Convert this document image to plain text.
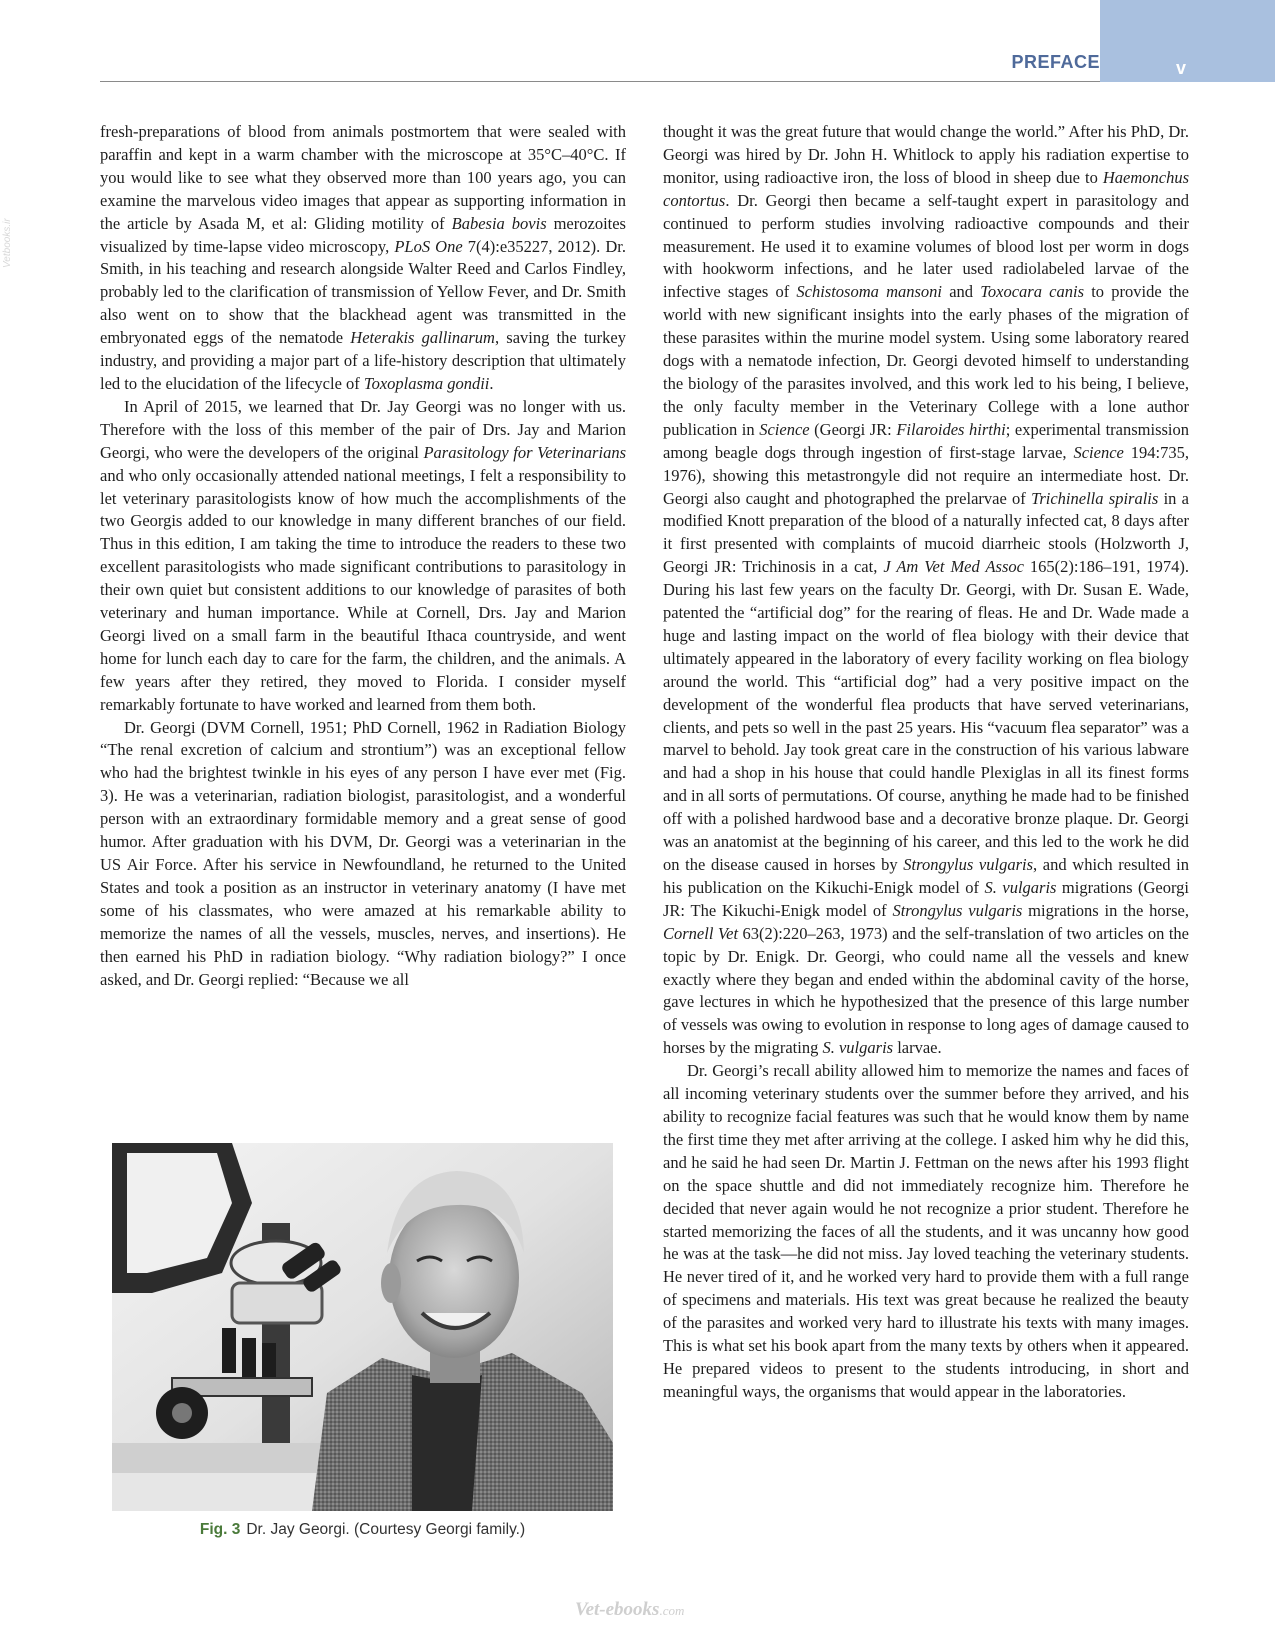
PREFACE	v
Vetbooks.ir

fresh-preparations of blood from animals postmortem that were sealed with paraffin and kept in a warm chamber with the microscope at 35°C–40°C. If you would like to see what they observed more than 100 years ago, you can examine the marvelous video images that appear as supporting information in the article by Asada M, et al: Gliding motility of Babesia bovis merozoites visualized by time-lapse video microscopy, PLoS One 7(4):e35227, 2012). Dr. Smith, in his teaching and research alongside Walter Reed and Carlos Findley, probably led to the clarification of transmission of Yellow Fever, and Dr. Smith also went on to show that the blackhead agent was transmitted in the embryonated eggs of the nematode Heterakis gallinarum, saving the turkey industry, and providing a major part of a life-history description that ultimately led to the elucidation of the lifecycle of Toxoplasma gondii.

In April of 2015, we learned that Dr. Jay Georgi was no longer with us. Therefore with the loss of this member of the pair of Drs. Jay and Marion Georgi, who were the developers of the original Parasitology for Veterinarians and who only occasionally attended national meetings, I felt a responsibility to let veterinary parasitologists know of how much the accomplishments of the two Georgis added to our knowledge in many different branches of our field. Thus in this edition, I am taking the time to introduce the readers to these two excellent parasitologists who made significant contributions to parasitology in their own quiet but consistent additions to our knowledge of parasites of both veterinary and human importance. While at Cornell, Drs. Jay and Marion Georgi lived on a small farm in the beautiful Ithaca countryside, and went home for lunch each day to care for the farm, the children, and the animals. A few years after they retired, they moved to Florida. I consider myself remarkably fortunate to have worked and learned from them both.

Dr. Georgi (DVM Cornell, 1951; PhD Cornell, 1962 in Radiation Biology “The renal excretion of calcium and strontium”) was an exceptional fellow who had the brightest twinkle in his eyes of any person I have ever met (Fig. 3). He was a veterinarian, radiation biologist, parasitologist, and a wonderful person with an extraordinary formidable memory and a great sense of good humor. After graduation with his DVM, Dr. Georgi was a veterinarian in the US Air Force. After his service in Newfoundland, he returned to the United States and took a position as an instructor in veterinary anatomy (I have met some of his classmates, who were amazed at his remarkable ability to memorize the names of all the vessels, muscles, nerves, and insertions). He then earned his PhD in radiation biology. “Why radiation biology?” I once asked, and Dr. Georgi replied: “Because we all

Fig. 3 Dr. Jay Georgi. (Courtesy Georgi family.)

thought it was the great future that would change the world.” After his PhD, Dr. Georgi was hired by Dr. John H. Whitlock to apply his radiation expertise to monitor, using radioactive iron, the loss of blood in sheep due to Haemonchus contortus. Dr. Georgi then became a self-taught expert in parasitology and continued to perform studies involving radioactive compounds and their measurement. He used it to examine volumes of blood lost per worm in dogs with hookworm infections, and he later used radiolabeled larvae of the infective stages of Schistosoma mansoni and Toxocara canis to provide the world with new significant insights into the early phases of the migration of these parasites within the murine model system. Using some laboratory reared dogs with a nematode infection, Dr. Georgi devoted himself to understanding the biology of the parasites involved, and this work led to his being, I believe, the only faculty member in the Veterinary College with a lone author publication in Science (Georgi JR: Filaroides hirthi; experimental transmission among beagle dogs through ingestion of first-stage larvae, Science 194:735, 1976), showing this metastrongyle did not require an intermediate host. Dr. Georgi also caught and photographed the prelarvae of Trichinella spiralis in a modified Knott preparation of the blood of a naturally infected cat, 8 days after it first presented with complaints of mucoid diarrheic stools (Holzworth J, Georgi JR: Trichinosis in a cat, J Am Vet Med Assoc 165(2):186–191, 1974). During his last few years on the faculty Dr. Georgi, with Dr. Susan E. Wade, patented the “artificial dog” for the rearing of fleas. He and Dr. Wade made a huge and lasting impact on the world of flea biology with their device that ultimately appeared in the laboratory of every facility working on flea biology around the world. This “artificial dog” had a very positive impact on the development of the wonderful flea products that have served veterinarians, clients, and pets so well in the past 25 years. His “vacuum flea separator” was a marvel to behold. Jay took great care in the construction of his various labware and had a shop in his house that could handle Plexiglas in all its finest forms and in all sorts of permutations. Of course, anything he made had to be finished off with a polished hardwood base and a decorative bronze plaque. Dr. Georgi was an anatomist at the beginning of his career, and this led to the work he did on the disease caused in horses by Strongylus vulgaris, and which resulted in his publication on the Kikuchi-Enigk model of S. vulgaris migrations (Georgi JR: The Kikuchi-Enigk model of Strongylus vulgaris migrations in the horse, Cornell Vet 63(2):220–263, 1973) and the self-translation of two articles on the topic by Dr. Enigk. Dr. Georgi, who could name all the vessels and knew exactly where they began and ended within the abdominal cavity of the horse, gave lectures in which he hypothesized that the presence of this large number of vessels was owing to evolution in response to long ages of damage caused to horses by the migrating S. vulgaris larvae.

Dr. Georgi’s recall ability allowed him to memorize the names and faces of all incoming veterinary students over the summer before they arrived, and his ability to recognize facial features was such that he would know them by name the first time they met after arriving at the college. I asked him why he did this, and he said he had seen Dr. Martin J. Fettman on the news after his 1993 flight on the space shuttle and did not immediately recognize him. Therefore he decided that never again would he not recognize a prior student. Therefore he started memorizing the faces of all the students, and it was uncanny how good he was at the task—he did not miss. Jay loved teaching the veterinary students. He never tired of it, and he worked very hard to provide them with a full range of specimens and materials. His text was great because he realized the beauty of the parasites and worked very hard to illustrate his texts with many images. This is what set his book apart from the many texts by others when it appeared. He prepared videos to present to the students introducing, in short and meaningful ways, the organisms that would appear in the laboratories.

Vet-ebooks.com
